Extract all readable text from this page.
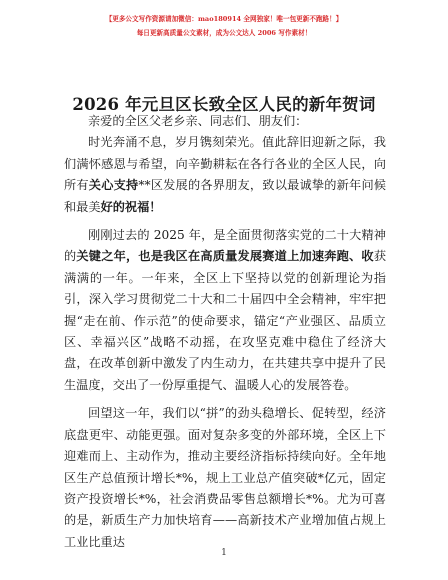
【更多公文写作资源请加微信：mao180914 全网独家！唯一包更新不跑路！】
每日更新高质量公文素材，成为公文达人 2006 写作素材！
2026 年元旦区长致全区人民的新年贺词

亲爱的全区父老乡亲、同志们、朋友们：

时光奔涌不息，岁月镌刻荣光。值此辞旧迎新之际，我们满怀感恩与希望，向辛勤耕耘在各行各业的全区人民，向所有关心支持**区发展的各界朋友，致以最诚挚的新年问候和最美好的祝福！

刚刚过去的 2025 年，是全面贯彻落实党的二十大精神的关键之年，也是我区在高质量发展赛道上加速奔跑、收获满满的一年。一年来，全区上下坚持以党的创新理论为指引，深入学习贯彻党二十大和二十届四中全会精神，牢牢把握“走在前、作示范”的使命要求，锚定“产业强区、品质立区、幸福兴区”战略不动摇，在攻坚克难中稳住了经济大盘，在改革创新中激发了内生动力，在共建共享中提升了民生温度，交出了一份厚重提气、温暖人心的发展答卷。

回望这一年，我们以“拼”的劲头稳增长、促转型，经济底盘更牢、动能更强。面对复杂多变的外部环境，全区上下迎难而上、主动作为，推动主要经济指标持续向好。全年地区生产总值预计增长*%，规上工业总产值突破*亿元，固定资产投资增长*%，社会消费品零售总额增长*%。尤为可喜的是，新质生产力加快培育——高新技术产业增加值占规上工业比重达

1
